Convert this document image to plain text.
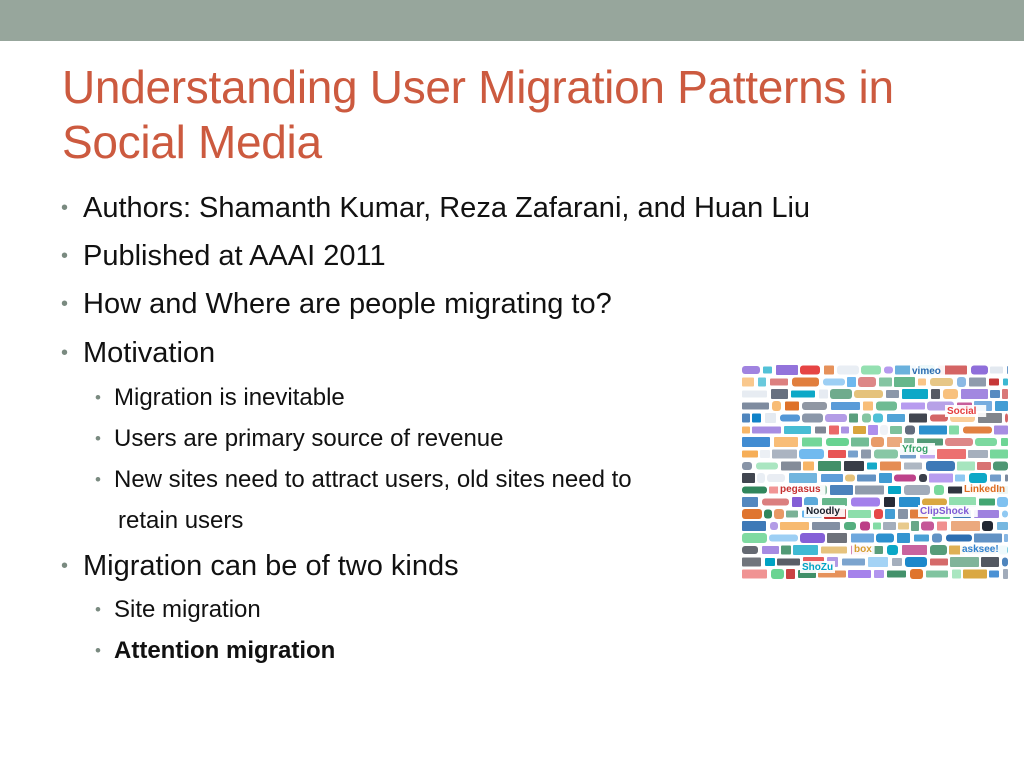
Understanding User Migration Patterns in Social Media
• Authors: Shamanth Kumar, Reza Zafarani, and Huan Liu
• Published at AAAI 2011
• How and Where are people migrating to?
• Motivation
• Migration is inevitable
• Users are primary source of revenue
• New sites need to attract users, old sites need to
retain users
• Migration can be of two kinds
• Site migration
• Attention migration
vimeo
Social
Yfrog
LinkedIn
ClipShock
Noodly
asksee!
box
ShoZu
pegasus
